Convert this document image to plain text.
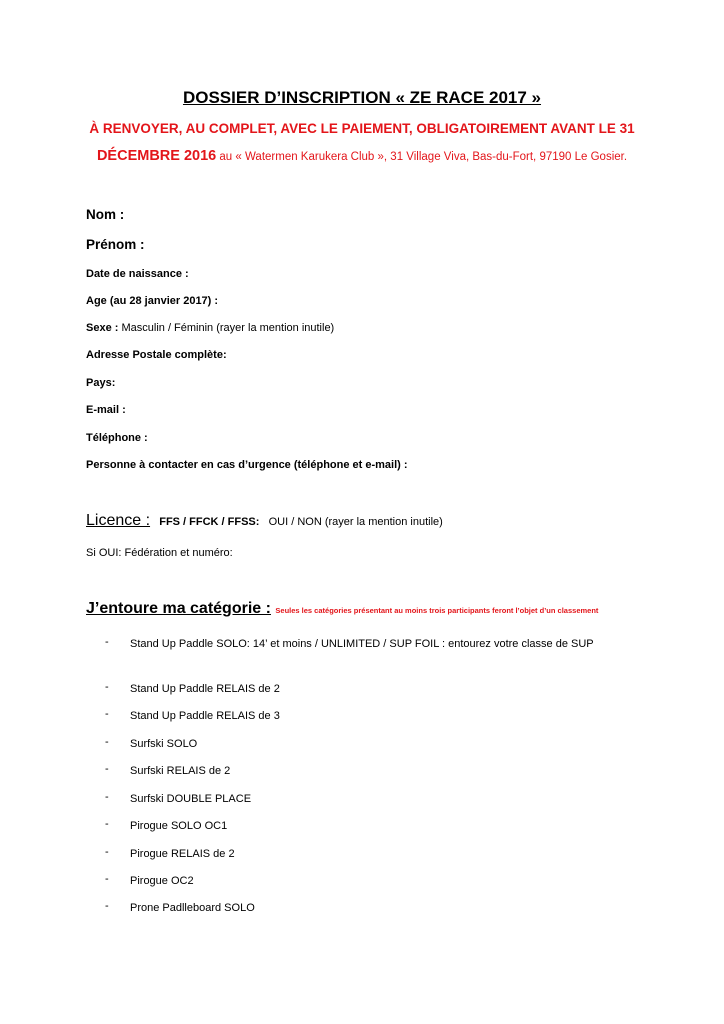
DOSSIER D’INSCRIPTION « ZE RACE 2017 »
À RENVOYER, AU COMPLET, AVEC LE PAIEMENT, OBLIGATOIREMENT AVANT LE 31
DÉCEMBRE 2016 au « Watermen Karukera Club », 31 Village Viva, Bas-du-Fort, 97190 Le Gosier.
Nom :
Prénom :
Date de naissance :
Age (au 28 janvier 2017) :
Sexe : Masculin / Féminin (rayer la mention inutile)
Adresse Postale complète:
Pays:
E-mail :
Téléphone :
Personne à contacter en cas d’urgence (téléphone et e-mail) :
Licence : FFS / FFCK / FFSS: OUI / NON (rayer la mention inutile)
Si OUI: Fédération et numéro:
J’entoure ma catégorie : Seules les catégories présentant au moins trois participants feront l’objet d’un classement
- Stand Up Paddle SOLO: 14’ et moins / UNLIMITED / SUP FOIL : entourez votre classe de SUP
- Stand Up Paddle RELAIS de 2
- Stand Up Paddle RELAIS de 3
- Surfski SOLO
- Surfski RELAIS de 2
- Surfski DOUBLE PLACE
- Pirogue SOLO OC1
- Pirogue RELAIS de 2
- Pirogue OC2
- Prone Padlleboard SOLO
